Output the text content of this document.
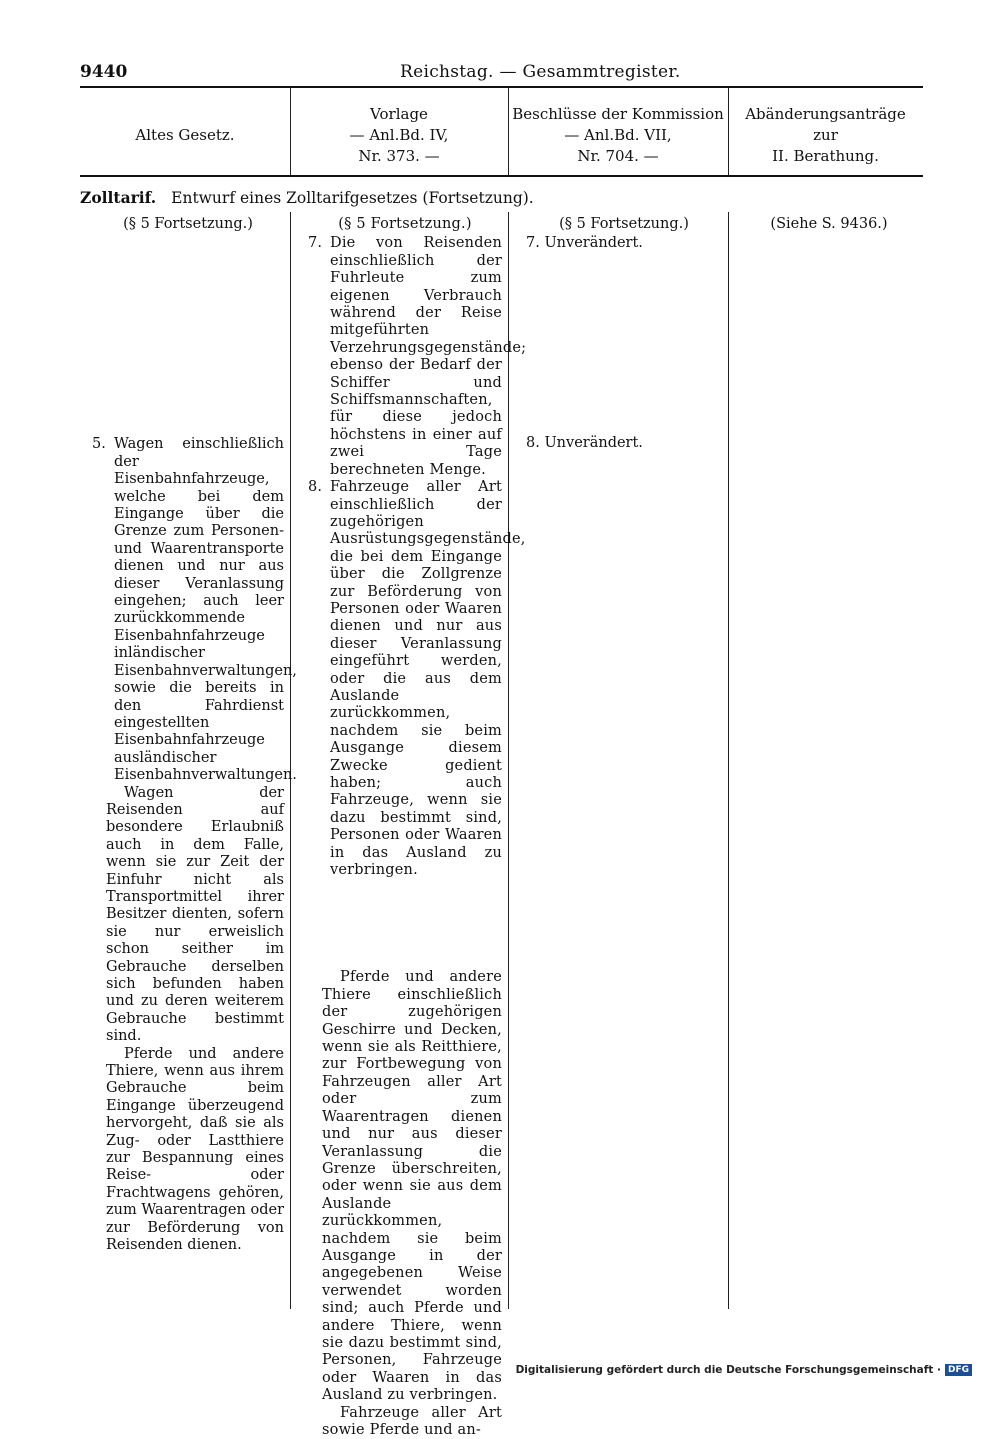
9440	Reichstag. — Gesammtregister.
Altes Gesetz.
Vorlage
— Anl.Bd. IV,
Nr. 373. —
Beschlüsse der Kommission
— Anl.Bd. VII,
Nr. 704. —
Abänderungsanträge
zur
II. Berathung.
Zolltarif. Entwurf eines Zolltarifgesetzes (Fortsetzung).
(§ 5 Fortsetzung.)
5. Wagen einschließlich der Eisenbahnfahrzeuge, welche bei dem Eingange über die Grenze zum Personen- und Waarentransporte dienen und nur aus dieser Veranlassung eingehen; auch leer zurückkommende Eisenbahnfahrzeuge inländischer Eisenbahnverwaltungen, sowie die bereits in den Fahrdienst eingestellten Eisenbahnfahrzeuge ausländischer Eisenbahnverwaltungen.
Wagen der Reisenden auf besondere Erlaubniß auch in dem Falle, wenn sie zur Zeit der Einfuhr nicht als Transportmittel ihrer Besitzer dienten, sofern sie nur erweislich schon seither im Gebrauche derselben sich befunden haben und zu deren weiterem Gebrauche bestimmt sind.
Pferde und andere Thiere, wenn aus ihrem Gebrauche beim Eingange überzeugend hervorgeht, daß sie als Zug- oder Lastthiere zur Bespannung eines Reise- oder Frachtwagens gehören, zum Waarentragen oder zur Beförderung von Reisenden dienen.
(§ 5 Fortsetzung.)
7. Die von Reisenden einschließlich der Fuhrleute zum eigenen Verbrauch während der Reise mitgeführten Verzehrungsgegenstände; ebenso der Bedarf der Schiffer und Schiffsmannschaften, für diese jedoch höchstens in einer auf zwei Tage berechneten Menge.
8. Fahrzeuge aller Art einschließlich der zugehörigen Ausrüstungsgegenstände, die bei dem Eingange über die Zollgrenze zur Beförderung von Personen oder Waaren dienen und nur aus dieser Veranlassung eingeführt werden, oder die aus dem Auslande zurückkommen, nachdem sie beim Ausgange diesem Zwecke gedient haben; auch Fahrzeuge, wenn sie dazu bestimmt sind, Personen oder Waaren in das Ausland zu verbringen.
Pferde und andere Thiere einschließlich der zugehörigen Geschirre und Decken, wenn sie als Reitthiere, zur Fortbewegung von Fahrzeugen aller Art oder zum Waarentragen dienen und nur aus dieser Veranlassung die Grenze überschreiten, oder wenn sie aus dem Auslande zurückkommen, nachdem sie beim Ausgange in der angegebenen Weise verwendet worden sind; auch Pferde und andere Thiere, wenn sie dazu bestimmt sind, Personen, Fahrzeuge oder Waaren in das Ausland zu verbringen.
Fahrzeuge aller Art sowie Pferde und an-
(§ 5 Fortsetzung.)
7. Unverändert.
8. Unverändert.
(Siehe S. 9436.)
Digitalisierung gefördert durch die Deutsche Forschungsgemeinschaft · DFG
